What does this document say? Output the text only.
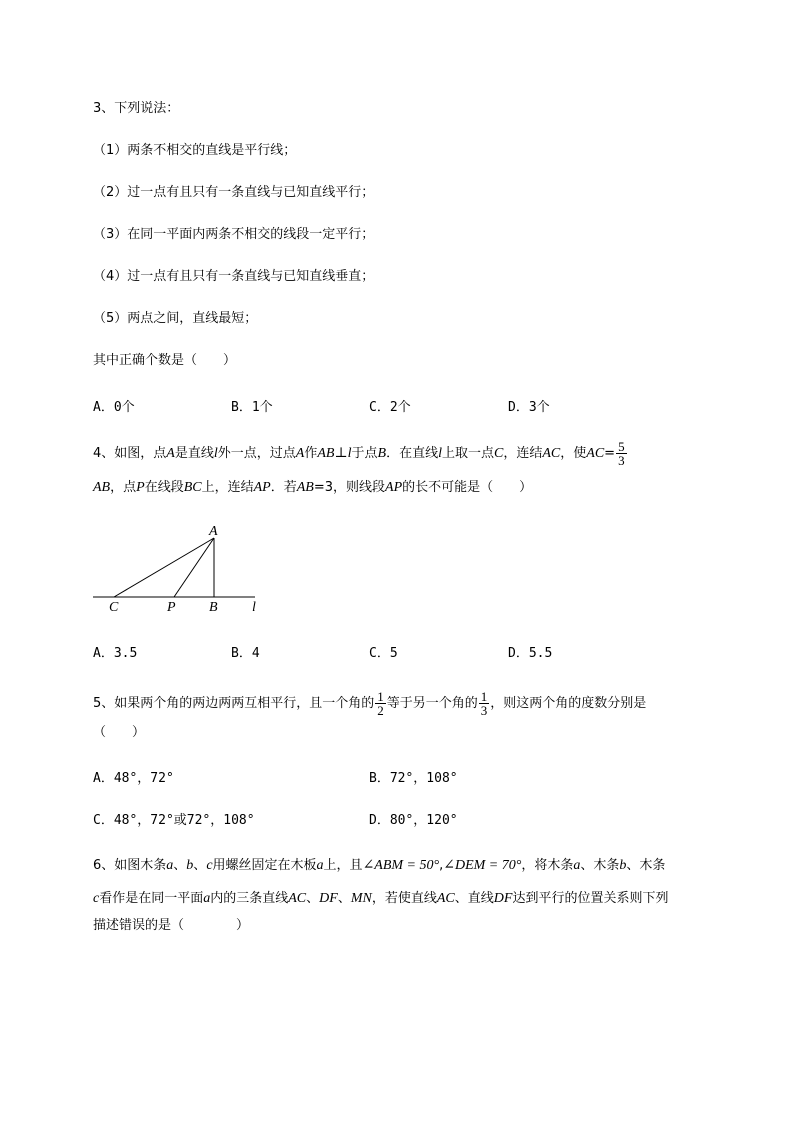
3、下列说法：
（1）两条不相交的直线是平行线；
（2）过一点有且只有一条直线与已知直线平行；
（3）在同一平面内两条不相交的线段一定平行；
（4）过一点有且只有一条直线与已知直线垂直；
（5）两点之间，直线最短；
其中正确个数是（　　）
A．0个	B．1个	C．2个	D．3个
4、如图，点A是直线l外一点，过点A作AB⊥l于点B．在直线l上取一点C，连结AC，使$AC= \frac{5}{3}$
AB，点P在线段BC上，连结AP．若AB=3，则线段AP的长不可能是（　　）
A
C	P B l
A．3.5	B．4	C．5	D．5.5
5、如果两个角的两边两两互相平行，且一个角的 $\frac{1}{2}$ 等于另一个角的 $\frac{1}{3}$ ，则这两个角的度数分别是
（　　）
A．48°，72°	B．72°，108°
C．48°，72°或72°，108°	D．80°，120°
6、如图木条a、b、c用螺丝固定在木板a上，且∠ABM = 50°,∠DEM = 70°，将木条a、木条b、木条
c看作是在同一平面a内的三条直线AC、DF、MN，若使直线AC、直线DF达到平行的位置关系则下列
描述错误的是（　　　　）
